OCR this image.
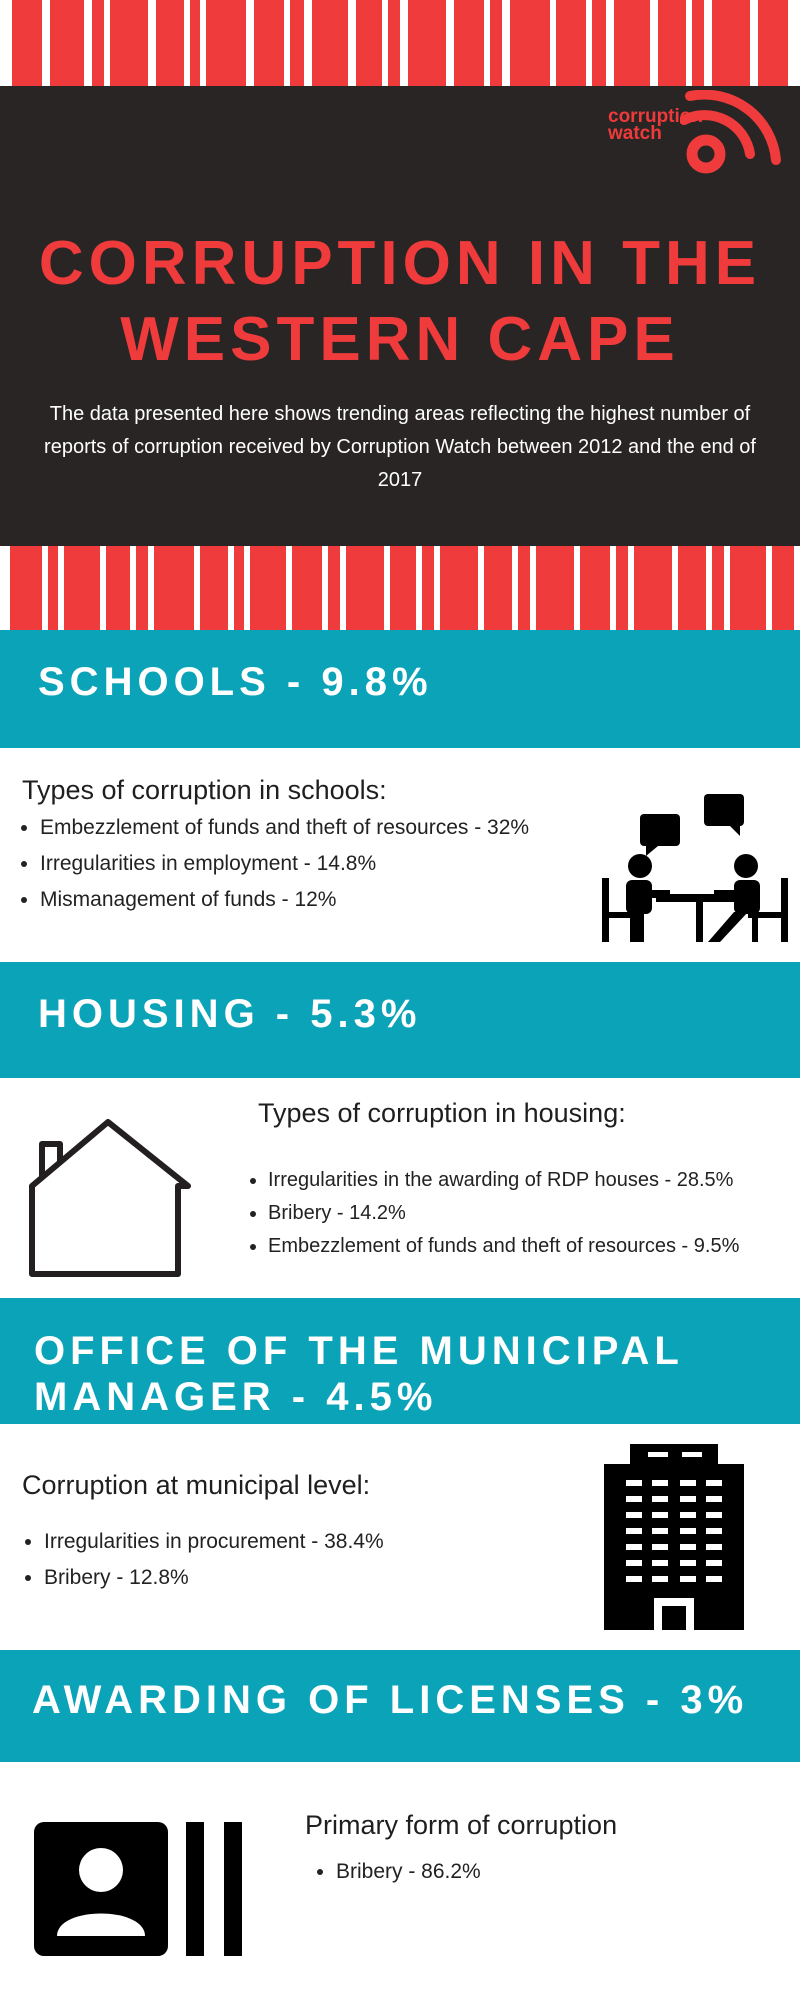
corruption
watch
CORRUPTION IN THE
WESTERN CAPE
The data presented here shows trending areas reflecting the highest number of reports of corruption received by Corruption Watch between 2012 and the end of 2017
SCHOOLS - 9.8%
Types of corruption in schools:
• Embezzlement of funds and theft of resources - 32%
• Irregularities in employment - 14.8%
• Mismanagement of funds - 12%
HOUSING - 5.3%
Types of corruption in housing:
• Irregularities in the awarding of RDP houses - 28.5%
• Bribery - 14.2%
• Embezzlement of funds and theft of resources - 9.5%
OFFICE OF THE MUNICIPAL
MANAGER - 4.5%
Corruption at municipal level:
• Irregularities in procurement - 38.4%
• Bribery - 12.8%
AWARDING OF LICENSES - 3%
Primary form of corruption
• Bribery - 86.2%
